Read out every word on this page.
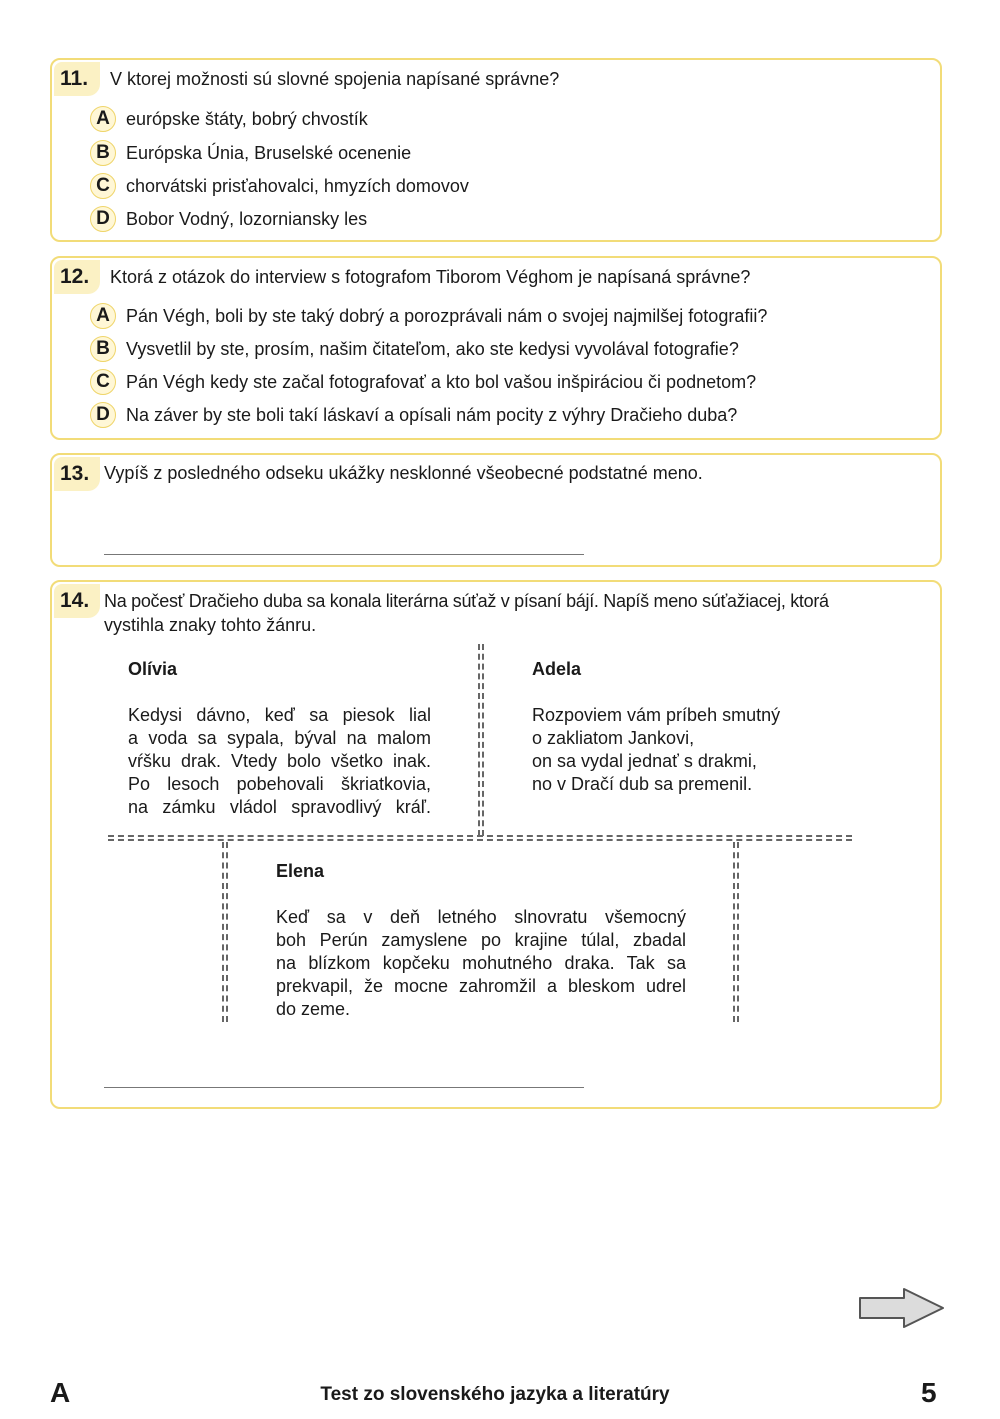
11.	V ktorej možnosti sú slovné spojenia napísané správne?
A európske štáty, bobrý chvostík
B Európska Únia, Bruselské ocenenie
C chorvátski prisťahovalci, hmyzích domovov
D Bobor Vodný, lozorniansky les
12.	Ktorá z otázok do interview s fotografom Tiborom Véghom je napísaná správne?
A Pán Végh, boli by ste taký dobrý a porozprávali nám o svojej najmilšej fotografii?
B Vysvetlil by ste, prosím, našim čitateľom, ako ste kedysi vyvolával fotografie?
C Pán Végh kedy ste začal fotografovať a kto bol vašou inšpiráciou či podnetom?
D Na záver by ste boli takí láskaví a opísali nám pocity z výhry Dračieho duba?
13. Vypíš z posledného odseku ukážky nesklonné všeobecné podstatné meno.
14. Na počesť Dračieho duba sa konala literárna súťaž v písaní bájí. Napíš meno súťažiacej, ktorá
vystihla znaky tohto žánru.
Olívia
Kedysi dávno, keď sa piesok lial
a voda sa sypala, býval na malom
vŕšku drak. Vtedy bolo všetko inak.
Po lesoch pobehovali škriatkovia,
na zámku vládol spravodlivý kráľ.
Adela
Rozpoviem vám príbeh smutný
o zakliatom Jankovi,
on sa vydal jednať s drakmi,
no v Dračí dub sa premenil.
Elena
Keď sa v deň letného slnovratu všemocný
boh Perún zamyslene po krajine túlal, zbadal
na blízkom kopčeku mohutného draka. Tak sa
prekvapil, že mocne zahromžil a bleskom udrel
do zeme.
A	Test zo slovenského jazyka a literatúry	5
